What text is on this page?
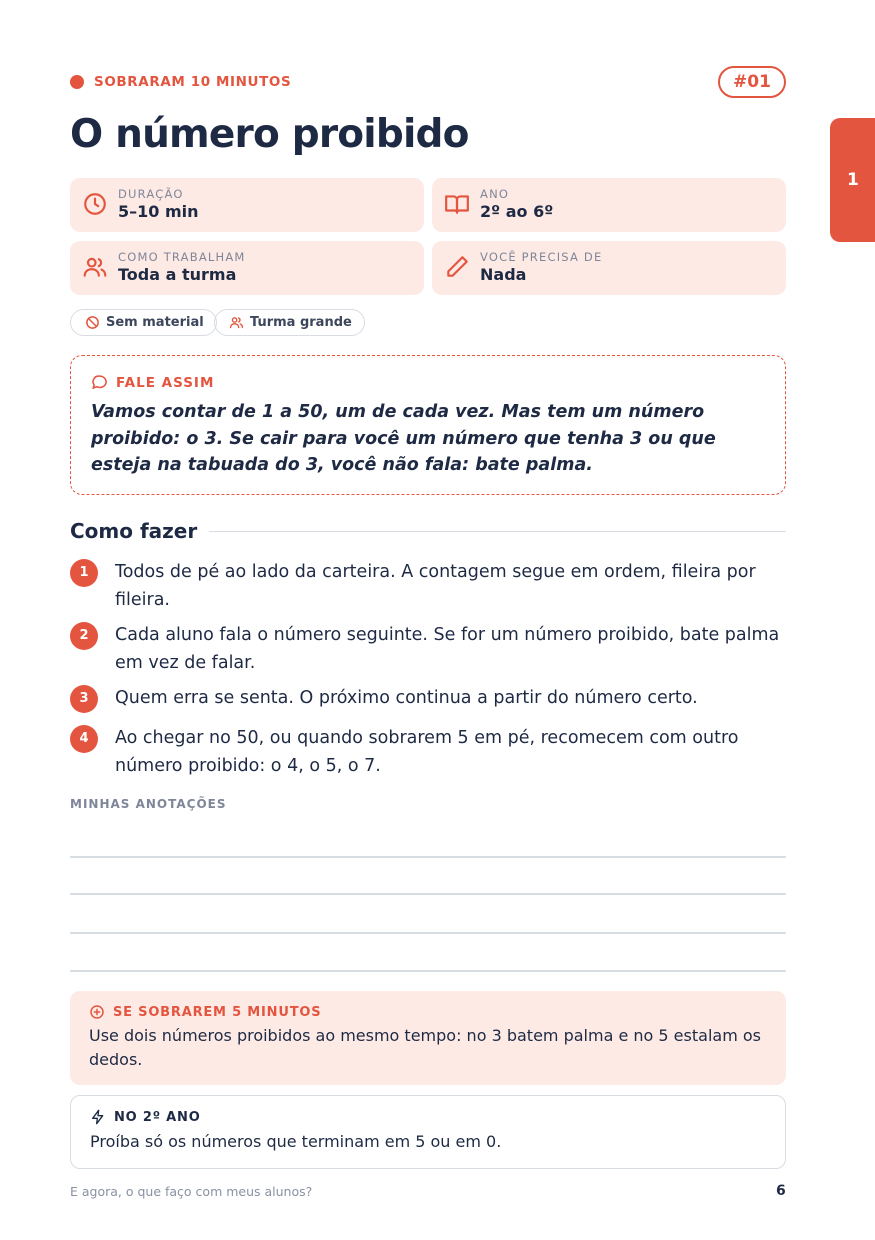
1
SOBRARAM 10 MINUTOS	#01
O número proibido
DURAÇÃO
5–10 min
ANO
2º ao 6º
COMO TRABALHAM
Toda a turma
VOCÊ PRECISA DE
Nada
Sem material	Turma grande
FALE ASSIM

Vamos contar de 1 a 50, um de cada vez. Mas tem um número proibido: o 3. Se cair para você um número que tenha 3 ou que esteja na tabuada do 3, você não fala: bate palma.

Como fazer
1	Todos de pé ao lado da carteira. A contagem segue em ordem, fileira por fileira.

2	Cada aluno fala o número seguinte. Se for um número proibido, bate palma em vez de falar.

3	Quem erra se senta. O próximo continua a partir do número certo.

4	Ao chegar no 50, ou quando sobrarem 5 em pé, recomecem com outro número proibido: o 4, o 5, o 7.

MINHAS ANOTAÇÕES
SE SOBRAREM 5 MINUTOS

Use dois números proibidos ao mesmo tempo: no 3 batem palma e no 5 estalam os dedos.

NO 2º ANO

Proíba só os números que terminam em 5 ou em 0.

E agora, o que faço com meus alunos?	6
